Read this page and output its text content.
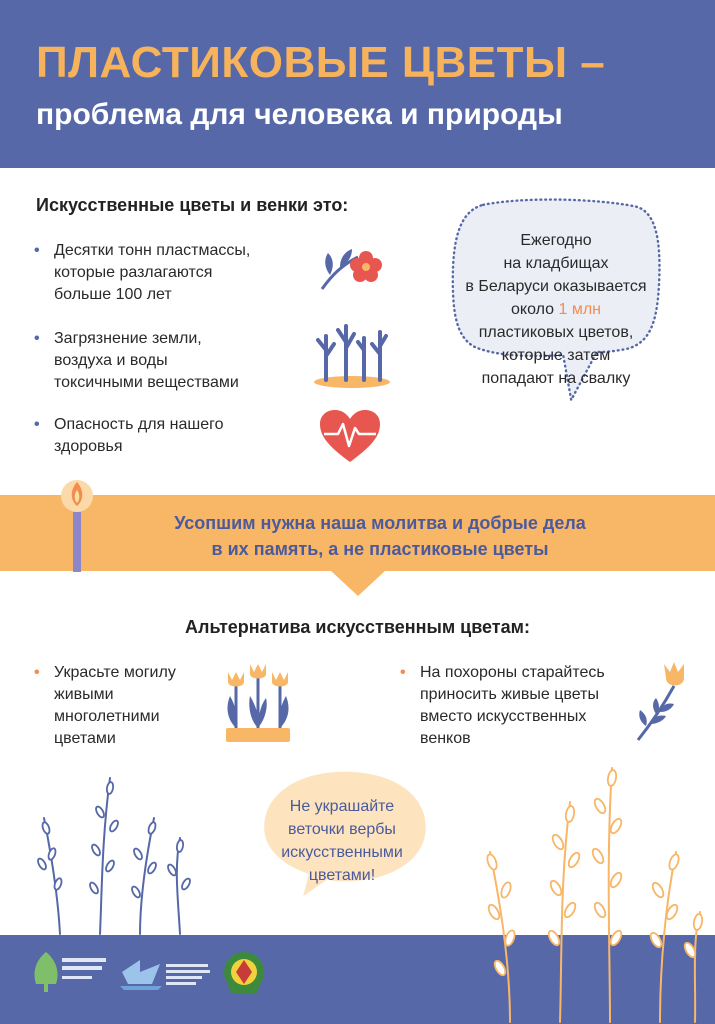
ПЛАСТИКОВЫЕ ЦВЕТЫ –
проблема для человека и природы
Искусственные цветы и венки это:
• Десятки тонн пластмассы,
которые разлагаются
больше 100 лет
• Загрязнение земли,
воздуха и воды
токсичными веществами
• Опасность для нашего
здоровья
Ежегодно
на кладбищах
в Беларуси оказывается
около 1 млн
пластиковых цветов,
которые затем
попадают на свалку
Усопшим нужна наша молитва и добрые дела
в их память, а не пластиковые цветы
Альтернатива искусственным цветам:
• Украсьте могилу
живыми
многолетними
цветами
• На похороны старайтесь
приносить живые цветы
вместо искусственных
венков
Не украшайте
веточки вербы
искусственными
цветами!
